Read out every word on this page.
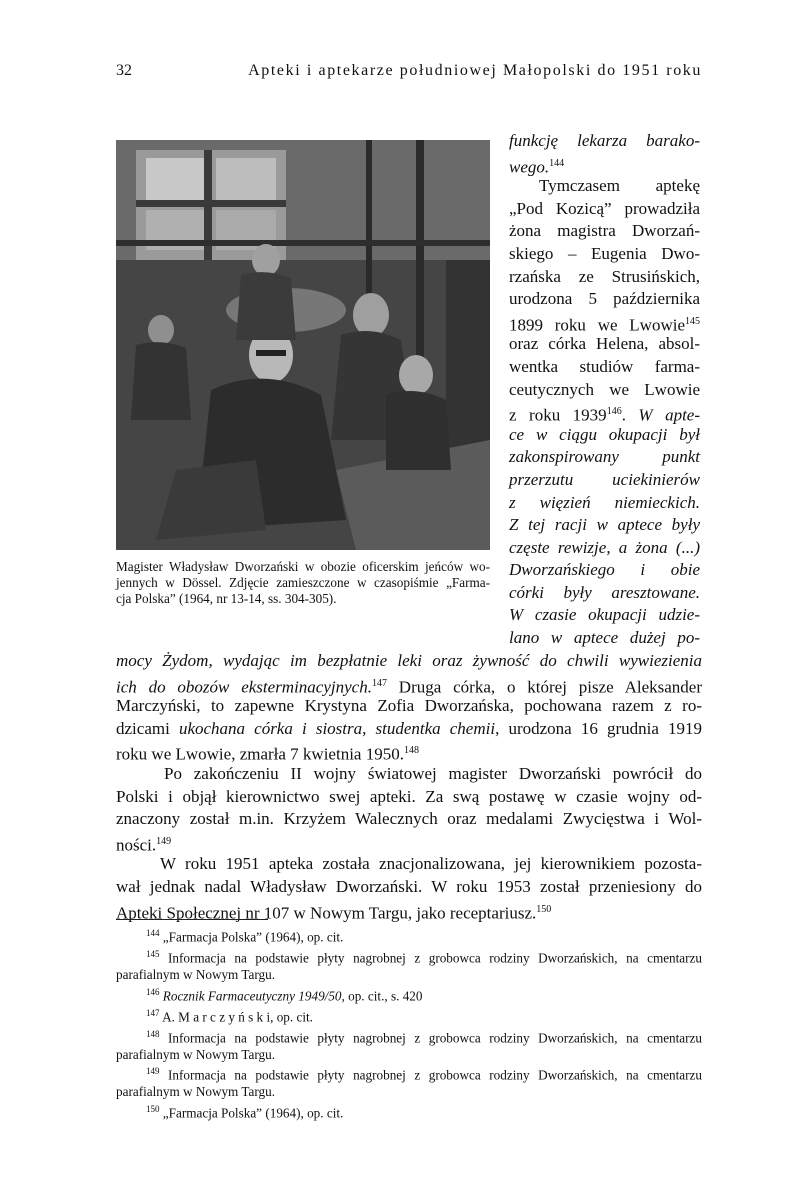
32	Apteki i aptekarze południowej Małopolski do 1951 roku
Magister Władysław Dworzański w obozie oficerskim jeńców wo-
jennych w Dössel. Zdjęcie zamieszczone w czasopiśmie „Farma-
cja Polska” (1964, nr 13-14, ss. 304-305).
funkcję lekarza barako-
wego.$^{144}$
Tymczasem aptekę
„Pod Kozicą” prowadziła
żona magistra Dworzań-
skiego – Eugenia Dwo-
rzańska ze Strusińskich,
urodzona 5 października
1899 roku we Lwowie$^{145}$
oraz córka Helena, absol-
wentka studiów farma-
ceutycznych we Lwowie
z roku 1939$^{146}$. W apte-
ce w ciągu okupacji był
zakonspirowany punkt
przerzutu uciekinierów
z więzień niemieckich.
Z tej racji w aptece były
częste rewizje, a żona (...)
Dworzańskiego i obie
córki były aresztowane.
W czasie okupacji udzie-
lano w aptece dużej po-
mocy Żydom, wydając im bezpłatnie leki oraz żywność do chwili wywiezienia
ich do obozów eksterminacyjnych.$^{147}$ Druga córka, o której pisze Aleksander
Marczyński, to zapewne Krystyna Zofia Dworzańska, pochowana razem z ro-
dzicami ukochana córka i siostra, studentka chemii, urodzona 16 grudnia 1919
roku we Lwowie, zmarła 7 kwietnia 1950.$^{148}$
Po zakończeniu II wojny światowej magister Dworzański powrócił do
Polski i objął kierownictwo swej apteki. Za swą postawę w czasie wojny od-
znaczony został m.in. Krzyżem Walecznych oraz medalami Zwycięstwa i Wol-
ności.$^{149}$
W roku 1951 apteka została znacjonalizowana, jej kierownikiem pozosta-
wał jednak nadal Władysław Dworzański. W roku 1953 został przeniesiony do
Apteki Społecznej nr 107 w Nowym Targu, jako receptariusz.$^{150}$
$^{144}$ „Farmacja Polska” (1964), op. cit.
$^{145}$ Informacja na podstawie płyty nagrobnej z grobowca rodziny Dworzańskich, na cmentarzu
parafialnym w Nowym Targu.
$^{146}$ Rocznik Farmaceutyczny 1949/50, op. cit., s. 420
$^{147}$ A. M a r c z y ń s k i, op. cit.
$^{148}$ Informacja na podstawie płyty nagrobnej z grobowca rodziny Dworzańskich, na cmentarzu
parafialnym w Nowym Targu.
$^{149}$ Informacja na podstawie płyty nagrobnej z grobowca rodziny Dworzańskich, na cmentarzu
parafialnym w Nowym Targu.
$^{150}$ „Farmacja Polska” (1964), op. cit.
